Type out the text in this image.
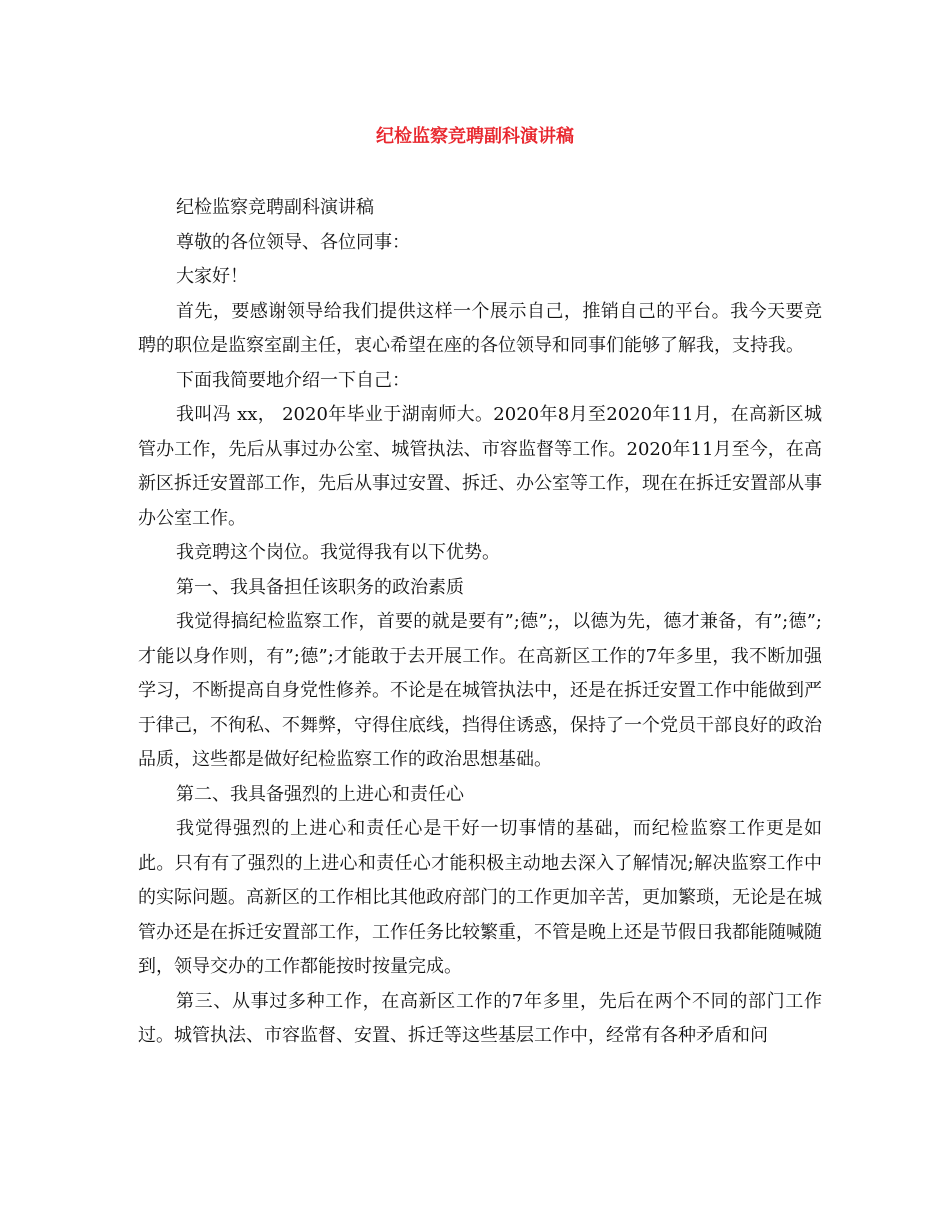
纪检监察竞聘副科演讲稿

纪检监察竞聘副科演讲稿

尊敬的各位领导、各位同事：

大家好！

首先，要感谢领导给我们提供这样一个展示自己，推销自己的平台。我今天要竞聘的职位是监察室副主任，衷心希望在座的各位领导和同事们能够了解我，支持我。

下面我简要地介绍一下自己：

我叫冯 xx， 2020年毕业于湖南师大。2020年8月至2020年11月，在高新区城管办工作，先后从事过办公室、城管执法、市容监督等工作。2020年11月至今，在高新区拆迁安置部工作，先后从事过安置、拆迁、办公室等工作，现在在拆迁安置部从事办公室工作。

我竞聘这个岗位。我觉得我有以下优势。

第一、我具备担任该职务的政治素质

我觉得搞纪检监察工作，首要的就是要有”;德”;，以德为先，德才兼备，有”;德”;才能以身作则，有”;德”;才能敢于去开展工作。在高新区工作的7年多里，我不断加强学习，不断提高自身党性修养。不论是在城管执法中，还是在拆迁安置工作中能做到严于律己，不徇私、不舞弊，守得住底线，挡得住诱惑，保持了一个党员干部良好的政治品质，这些都是做好纪检监察工作的政治思想基础。

第二、我具备强烈的上进心和责任心

我觉得强烈的上进心和责任心是干好一切事情的基础，而纪检监察工作更是如此。只有有了强烈的上进心和责任心才能积极主动地去深入了解情况;解决监察工作中的实际问题。高新区的工作相比其他政府部门的工作更加辛苦，更加繁琐，无论是在城管办还是在拆迁安置部工作，工作任务比较繁重，不管是晚上还是节假日我都能随喊随到，领导交办的工作都能按时按量完成。

第三、从事过多种工作，在高新区工作的7年多里，先后在两个不同的部门工作过。城管执法、市容监督、安置、拆迁等这些基层工作中，经常有各种矛盾和问
